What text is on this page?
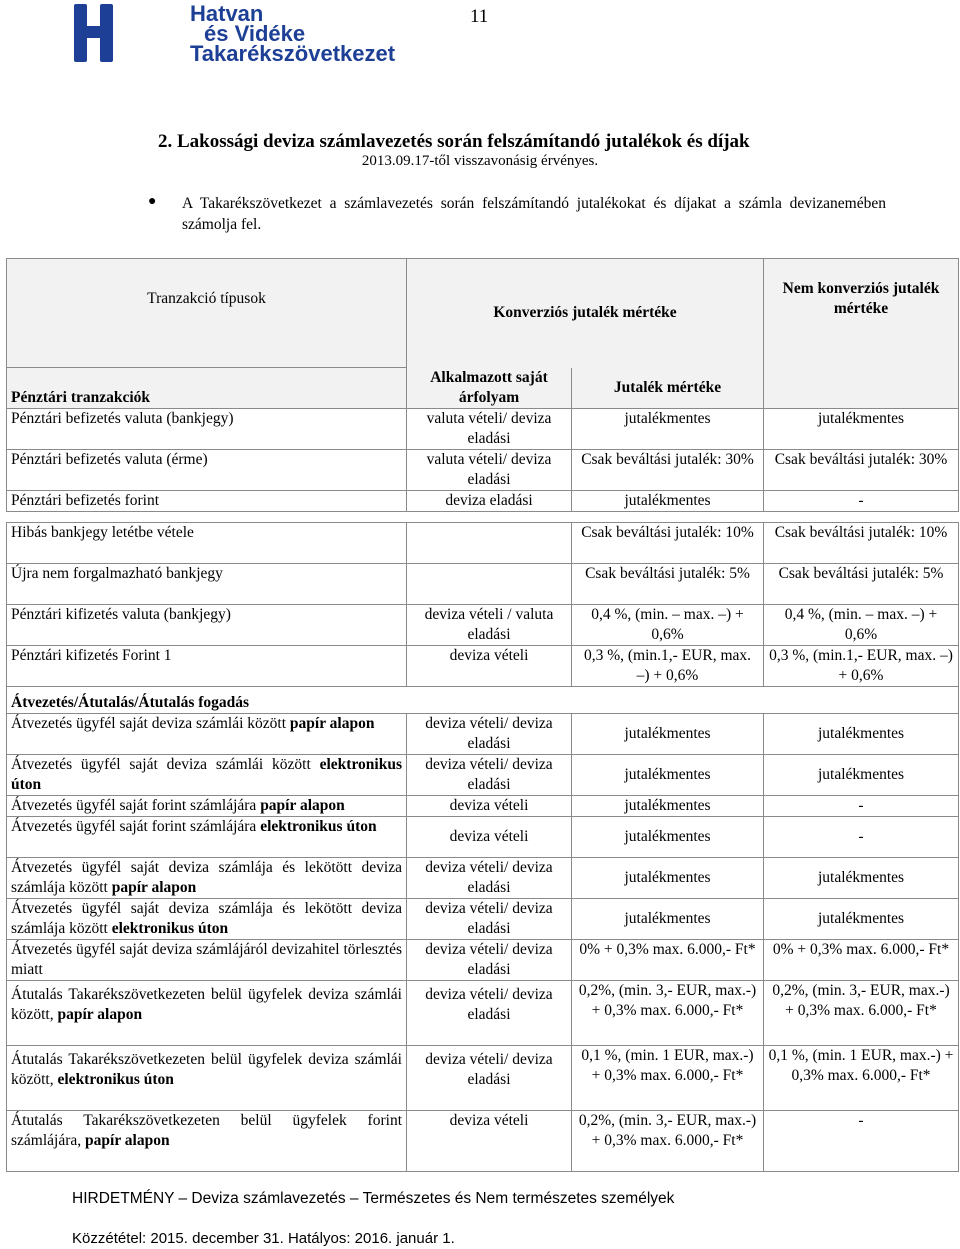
Hatvan
és Vidéke
Takarékszövetkezet
11
2. Lakossági deviza számlavezetés során felszámítandó jutalékok és díjak
2013.09.17-től visszavonásig érvényes.
● A Takarékszövetkezet a számlavezetés során felszámítandó jutalékokat és díjakat a számla devizanemében számolja fel.
Tranzakció típusok	Konverziós jutalék mértéke		Nem konverziós jutalék mértéke	
Pénztári tranzakciók	Alkalmazott saját árfolyam	Jutalék mértéke		
Pénztári befizetés valuta (bankjegy)	valuta vételi/ deviza eladási	jutalékmentes	jutalékmentes	
Pénztári befizetés valuta (érme)	valuta vételi/ deviza eladási	Csak beváltási jutalék: 30%	Csak beváltási jutalék: 30%	
Pénztári befizetés forint	deviza eladási	jutalékmentes	-	

Hibás bankjegy letétbe vétele		Csak beváltási jutalék: 10%	Csak beváltási jutalék: 10%	
Újra nem forgalmazható bankjegy		Csak beváltási jutalék: 5%	Csak beváltási jutalék: 5%	
Pénztári kifizetés valuta (bankjegy)	deviza vételi / valuta eladási	0,4 %, (min. – max. –) + 0,6%	0,4 %, (min. – max. –) + 0,6%	
Pénztári kifizetés Forint 1	deviza vételi	0,3 %, (min.1,- EUR, max. –) + 0,6%	0,3 %, (min.1,- EUR, max. –) + 0,6%	
Átvezetés/Átutalás/Átutalás fogadás				
Átvezetés ügyfél saját deviza számlái között papír alapon	deviza vételi/ deviza eladási	jutalékmentes	jutalékmentes	
Átvezetés ügyfél saját deviza számlái között elektronikus úton	deviza vételi/ deviza eladási	jutalékmentes	jutalékmentes	
Átvezetés ügyfél saját forint számlájára papír alapon	deviza vételi	jutalékmentes	-	
Átvezetés ügyfél saját forint számlájára elektronikus úton	deviza vételi	jutalékmentes	-	
Átvezetés ügyfél saját deviza számlája és lekötött deviza számlája között papír alapon	deviza vételi/ deviza eladási	jutalékmentes	jutalékmentes	
Átvezetés ügyfél saját deviza számlája és lekötött deviza számlája között elektronikus úton	deviza vételi/ deviza eladási	jutalékmentes	jutalékmentes	
Átvezetés ügyfél saját deviza számlájáról devizahitel törlesztés miatt	deviza vételi/ deviza eladási	0% + 0,3% max. 6.000,- Ft*	0% + 0,3% max. 6.000,- Ft*	
Átutalás Takarékszövetkezeten belül ügyfelek deviza számlái között, papír alapon	deviza vételi/ deviza eladási	0,2%, (min. 3,- EUR, max.-) + 0,3% max. 6.000,- Ft*	0,2%, (min. 3,- EUR, max.-) + 0,3% max. 6.000,- Ft*	
Átutalás Takarékszövetkezeten belül ügyfelek deviza számlái között, elektronikus úton	deviza vételi/ deviza eladási	0,1 %, (min. 1 EUR, max.-) + 0,3% max. 6.000,- Ft*	0,1 %, (min. 1 EUR, max.-) + 0,3% max. 6.000,- Ft*	
Átutalás Takarékszövetkezeten belül ügyfelek forint számlájára, papír alapon	deviza vételi	0,2%, (min. 3,- EUR, max.-) + 0,3% max. 6.000,- Ft*	-	
HIRDETMÉNY – Deviza számlavezetés – Természetes és Nem természetes személyek
Közzététel: 2015. december 31. Hatályos: 2016. január 1.
